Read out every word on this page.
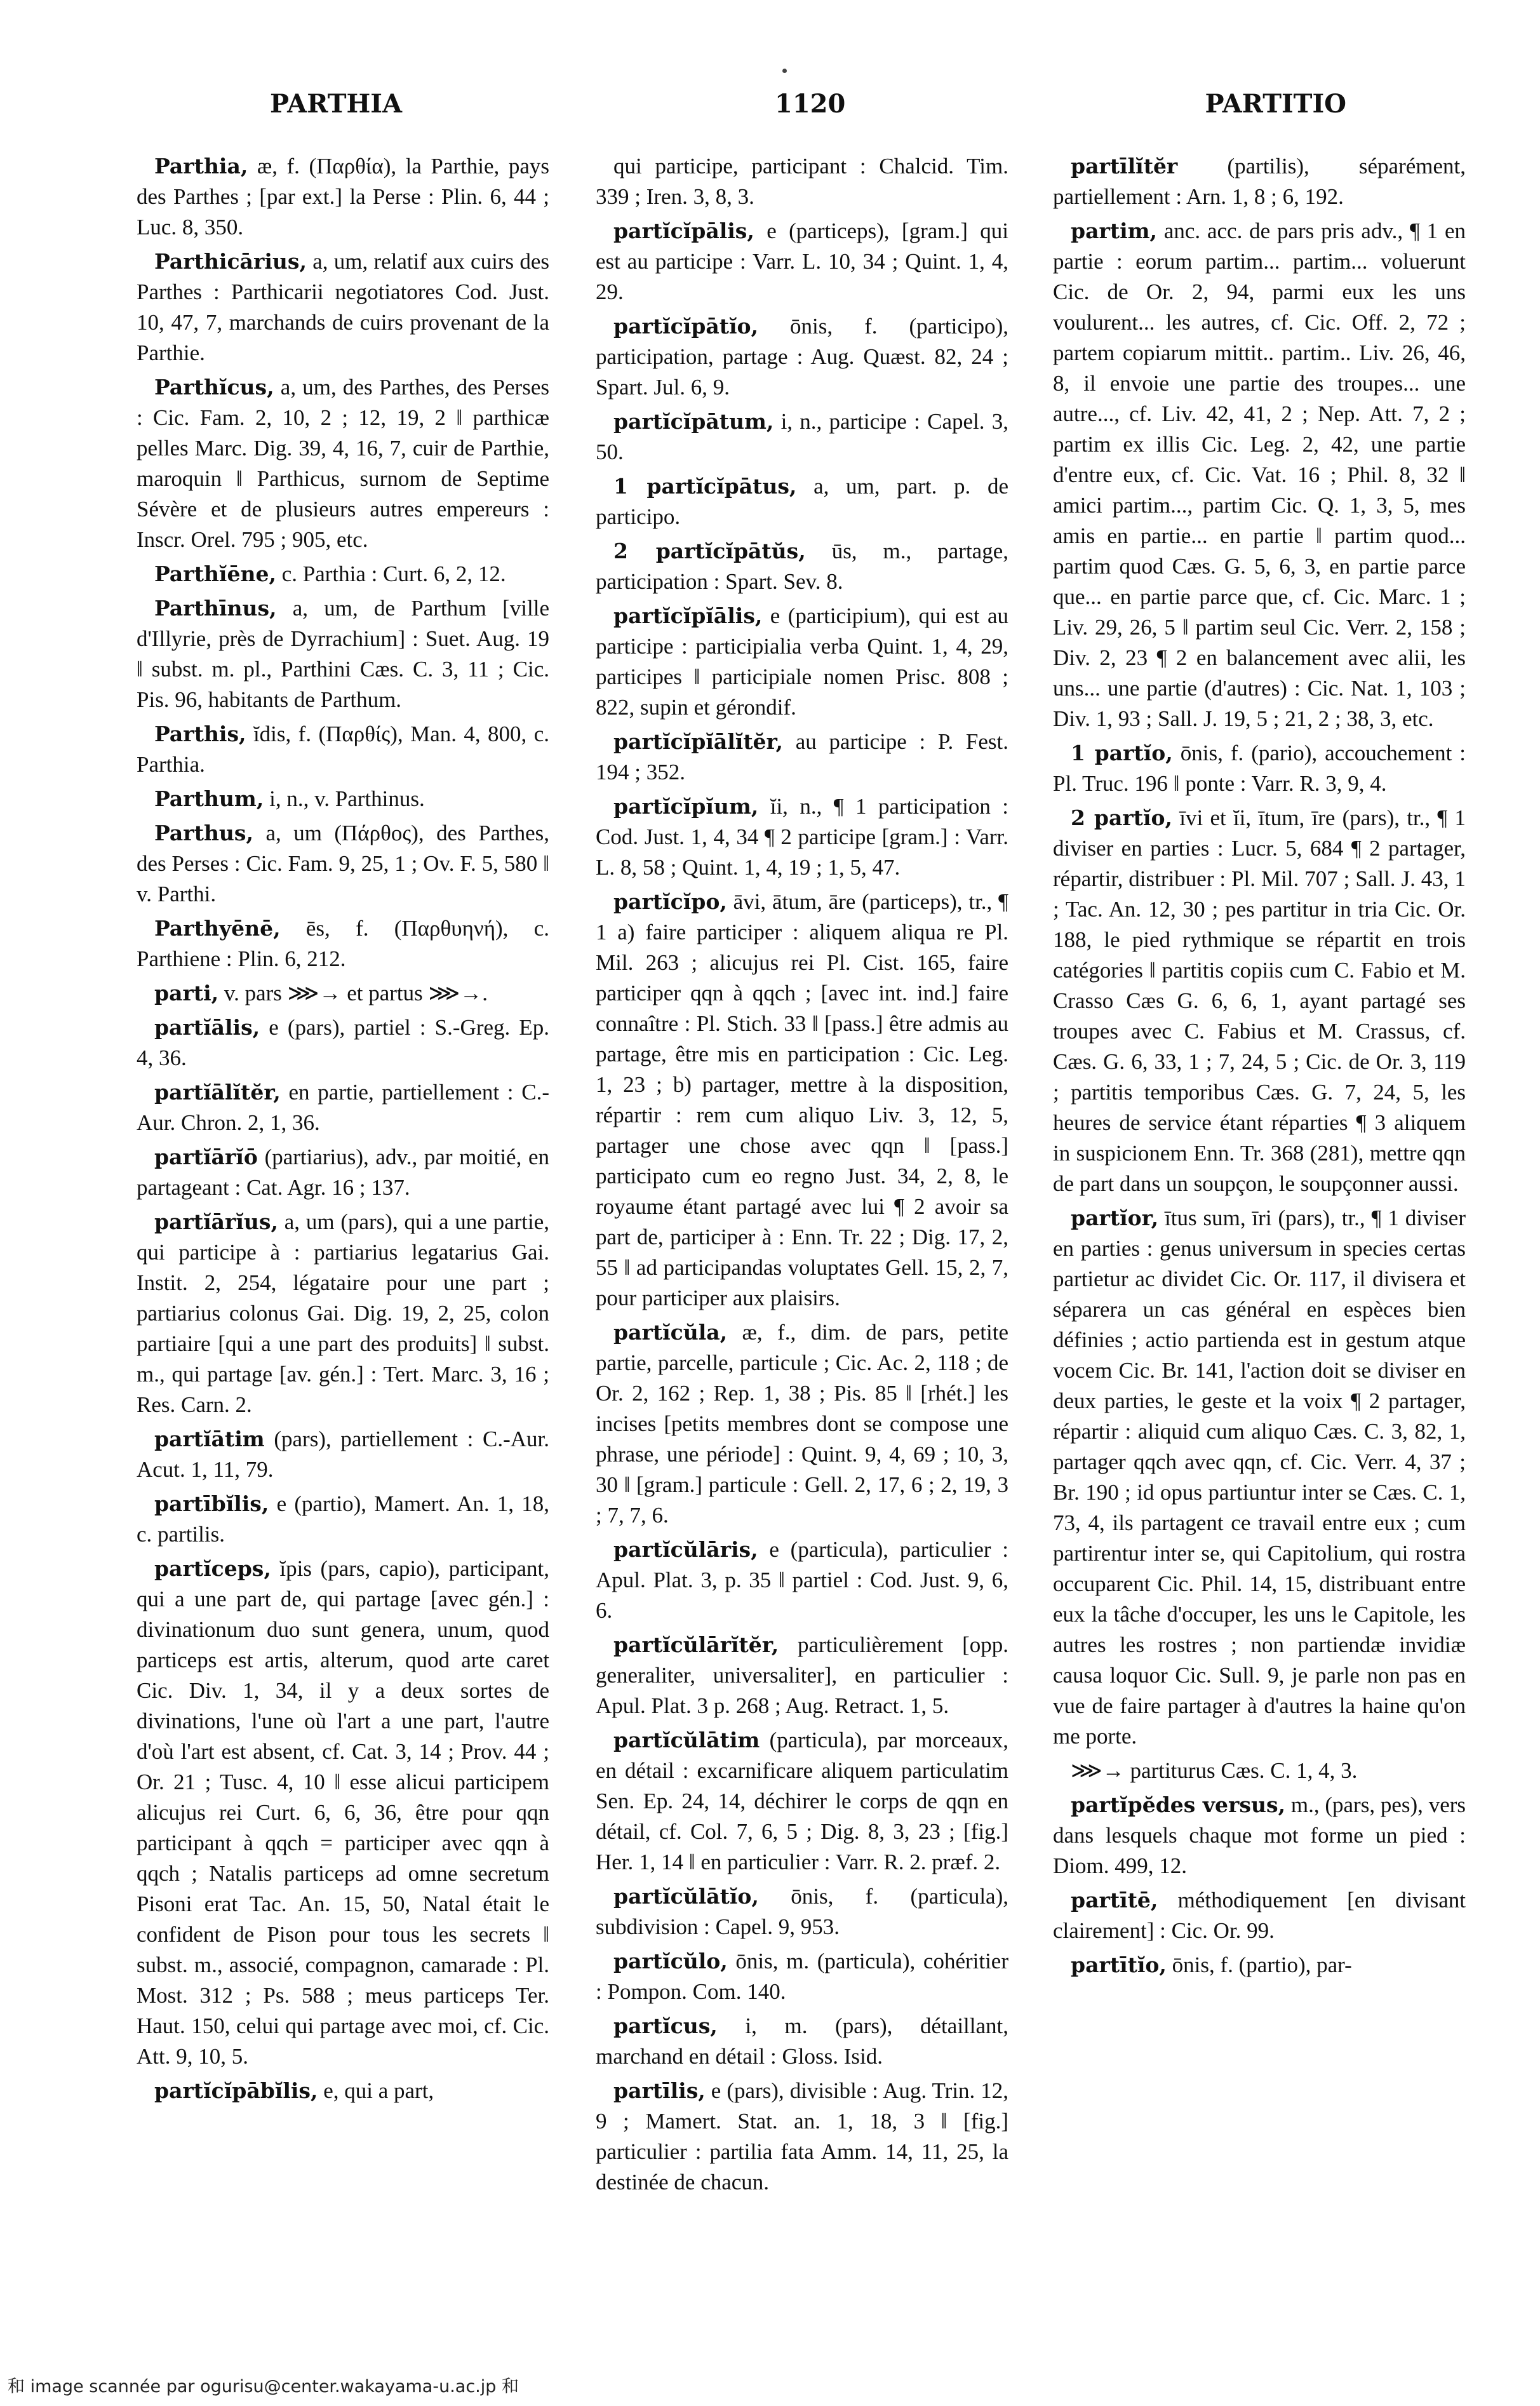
PARTHIA	1120	PARTITIO

Parthia, æ, f. (Παρθία), la Parthie, pays des Parthes ; [par ext.] la Perse : Plin. 6, 44 ; Luc. 8, 350.

Parthicārius, a, um, relatif aux cuirs des Parthes : Parthicarii negotiatores Cod. Just. 10, 47, 7, marchands de cuirs provenant de la Parthie.

Parthĭcus, a, um, des Parthes, des Perses : Cic. Fam. 2, 10, 2 ; 12, 19, 2 ‖ parthicæ pelles Marc. Dig. 39, 4, 16, 7, cuir de Parthie, maroquin ‖ Parthicus, surnom de Septime Sévère et de plusieurs autres empereurs : Inscr. Orel. 795 ; 905, etc.

Parthĭēne, c. Parthia : Curt. 6, 2, 12.

Parthīnus, a, um, de Parthum [ville d'Illyrie, près de Dyrrachium] : Suet. Aug. 19 ‖ subst. m. pl., Parthini Cæs. C. 3, 11 ; Cic. Pis. 96, habitants de Parthum.

Parthis, ĭdis, f. (Παρθίς), Man. 4, 800, c. Parthia.

Parthum, i, n., v. Parthinus.

Parthus, a, um (Πάρθος), des Parthes, des Perses : Cic. Fam. 9, 25, 1 ; Ov. F. 5, 580 ‖ v. Parthi.

Parthyēnē, ēs, f. (Παρθυηνή), c. Parthiene : Plin. 6, 212.

parti, v. pars ⋙→ et partus ⋙→.

partĭālis, e (pars), partiel : S.-Greg. Ep. 4, 36.

partĭālĭtĕr, en partie, partiellement : C.-Aur. Chron. 2, 1, 36.

partĭārĭō (partiarius), adv., par moitié, en partageant : Cat. Agr. 16 ; 137.

partĭārĭus, a, um (pars), qui a une partie, qui participe à : partiarius legatarius Gai. Instit. 2, 254, légataire pour une part ; partiarius colonus Gai. Dig. 19, 2, 25, colon partiaire [qui a une part des produits] ‖ subst. m., qui partage [av. gén.] : Tert. Marc. 3, 16 ; Res. Carn. 2.

partĭātim (pars), partiellement : C.-Aur. Acut. 1, 11, 79.

partībĭlis, e (partio), Mamert. An. 1, 18, c. partilis.

partĭceps, ĭpis (pars, capio), participant, qui a une part de, qui partage [avec gén.] : divinationum duo sunt genera, unum, quod particeps est artis, alterum, quod arte caret Cic. Div. 1, 34, il y a deux sortes de divinations, l'une où l'art a une part, l'autre d'où l'art est absent, cf. Cat. 3, 14 ; Prov. 44 ; Or. 21 ; Tusc. 4, 10 ‖ esse alicui participem alicujus rei Curt. 6, 6, 36, être pour qqn participant à qqch = participer avec qqn à qqch ; Natalis particeps ad omne secretum Pisoni erat Tac. An. 15, 50, Natal était le confident de Pison pour tous les secrets ‖ subst. m., associé, compagnon, camarade : Pl. Most. 312 ; Ps. 588 ; meus particeps Ter. Haut. 150, celui qui partage avec moi, cf. Cic. Att. 9, 10, 5.

partĭcĭpābĭlis, e, qui a part,

qui participe, participant : Chalcid. Tim. 339 ; Iren. 3, 8, 3.

partĭcĭpālis, e (particeps), [gram.] qui est au participe : Varr. L. 10, 34 ; Quint. 1, 4, 29.

partĭcĭpātĭo, ōnis, f. (participo), participation, partage : Aug. Quæst. 82, 24 ; Spart. Jul. 6, 9.

partĭcĭpātum, i, n., participe : Capel. 3, 50.

1 partĭcĭpātus, a, um, part. p. de participo.

2 partĭcĭpātŭs, ūs, m., partage, participation : Spart. Sev. 8.

partĭcĭpĭālis, e (participium), qui est au participe : participialia verba Quint. 1, 4, 29, participes ‖ participiale nomen Prisc. 808 ; 822, supin et gérondif.

partĭcĭpĭālĭtĕr, au participe : P. Fest. 194 ; 352.

partĭcĭpĭum, ĭi, n., ¶ 1 participation : Cod. Just. 1, 4, 34 ¶ 2 participe [gram.] : Varr. L. 8, 58 ; Quint. 1, 4, 19 ; 1, 5, 47.

partĭcĭpo, āvi, ātum, āre (particeps), tr., ¶ 1 a) faire participer : aliquem aliqua re Pl. Mil. 263 ; alicujus rei Pl. Cist. 165, faire participer qqn à qqch ; [avec int. ind.] faire connaître : Pl. Stich. 33 ‖ [pass.] être admis au partage, être mis en participation : Cic. Leg. 1, 23 ; b) partager, mettre à la disposition, répartir : rem cum aliquo Liv. 3, 12, 5, partager une chose avec qqn ‖ [pass.] participato cum eo regno Just. 34, 2, 8, le royaume étant partagé avec lui ¶ 2 avoir sa part de, participer à : Enn. Tr. 22 ; Dig. 17, 2, 55 ‖ ad participandas voluptates Gell. 15, 2, 7, pour participer aux plaisirs.

partĭcŭla, æ, f., dim. de pars, petite partie, parcelle, particule ; Cic. Ac. 2, 118 ; de Or. 2, 162 ; Rep. 1, 38 ; Pis. 85 ‖ [rhét.] les incises [petits membres dont se compose une phrase, une période] : Quint. 9, 4, 69 ; 10, 3, 30 ‖ [gram.] particule : Gell. 2, 17, 6 ; 2, 19, 3 ; 7, 7, 6.

partĭcŭlāris, e (particula), particulier : Apul. Plat. 3, p. 35 ‖ partiel : Cod. Just. 9, 6, 6.

partĭcŭlārĭtĕr, particulièrement [opp. generaliter, universaliter], en particulier : Apul. Plat. 3 p. 268 ; Aug. Retract. 1, 5.

partĭcŭlātim (particula), par morceaux, en détail : excarnificare aliquem particulatim Sen. Ep. 24, 14, déchirer le corps de qqn en détail, cf. Col. 7, 6, 5 ; Dig. 8, 3, 23 ; [fig.] Her. 1, 14 ‖ en particulier : Varr. R. 2. præf. 2.

partĭcŭlātĭo, ōnis, f. (particula), subdivision : Capel. 9, 953.

partĭcŭlo, ōnis, m. (particula), cohéritier : Pompon. Com. 140.

partĭcus, i, m. (pars), détaillant, marchand en détail : Gloss. Isid.

partīlis, e (pars), divisible : Aug. Trin. 12, 9 ; Mamert. Stat. an. 1, 18, 3 ‖ [fig.] particulier : partilia fata Amm. 14, 11, 25, la destinée de chacun.

partīlĭtĕr (partilis), séparément, partiellement : Arn. 1, 8 ; 6, 192.

partim, anc. acc. de pars pris adv., ¶ 1 en partie : eorum partim... partim... voluerunt Cic. de Or. 2, 94, parmi eux les uns voulurent... les autres, cf. Cic. Off. 2, 72 ; partem copiarum mittit.. partim.. Liv. 26, 46, 8, il envoie une partie des troupes... une autre..., cf. Liv. 42, 41, 2 ; Nep. Att. 7, 2 ; partim ex illis Cic. Leg. 2, 42, une partie d'entre eux, cf. Cic. Vat. 16 ; Phil. 8, 32 ‖ amici partim..., partim Cic. Q. 1, 3, 5, mes amis en partie... en partie ‖ partim quod... partim quod Cæs. G. 5, 6, 3, en partie parce que... en partie parce que, cf. Cic. Marc. 1 ; Liv. 29, 26, 5 ‖ partim seul Cic. Verr. 2, 158 ; Div. 2, 23 ¶ 2 en balancement avec alii, les uns... une partie (d'autres) : Cic. Nat. 1, 103 ; Div. 1, 93 ; Sall. J. 19, 5 ; 21, 2 ; 38, 3, etc.

1 partĭo, ōnis, f. (pario), accouchement : Pl. Truc. 196 ‖ ponte : Varr. R. 3, 9, 4.

2 partĭo, īvi et ĭi, ītum, īre (pars), tr., ¶ 1 diviser en parties : Lucr. 5, 684 ¶ 2 partager, répartir, distribuer : Pl. Mil. 707 ; Sall. J. 43, 1 ; Tac. An. 12, 30 ; pes partitur in tria Cic. Or. 188, le pied rythmique se répartit en trois catégories ‖ partitis copiis cum C. Fabio et M. Crasso Cæs G. 6, 6, 1, ayant partagé ses troupes avec C. Fabius et M. Crassus, cf. Cæs. G. 6, 33, 1 ; 7, 24, 5 ; Cic. de Or. 3, 119 ; partitis temporibus Cæs. G. 7, 24, 5, les heures de service étant réparties ¶ 3 aliquem in suspicionem Enn. Tr. 368 (281), mettre qqn de part dans un soupçon, le soupçonner aussi.

partĭor, ītus sum, īri (pars), tr., ¶ 1 diviser en parties : genus universum in species certas partietur ac dividet Cic. Or. 117, il divisera et séparera un cas général en espèces bien définies ; actio partienda est in gestum atque vocem Cic. Br. 141, l'action doit se diviser en deux parties, le geste et la voix ¶ 2 partager, répartir : aliquid cum aliquo Cæs. C. 3, 82, 1, partager qqch avec qqn, cf. Cic. Verr. 4, 37 ; Br. 190 ; id opus partiuntur inter se Cæs. C. 1, 73, 4, ils partagent ce travail entre eux ; cum partirentur inter se, qui Capitolium, qui rostra occuparent Cic. Phil. 14, 15, distribuant entre eux la tâche d'occuper, les uns le Capitole, les autres les rostres ; non partiendæ invidiæ causa loquor Cic. Sull. 9, je parle non pas en vue de faire partager à d'autres la haine qu'on me porte.

⋙→ partiturus Cæs. C. 1, 4, 3.

partĭpĕdes versus, m., (pars, pes), vers dans lesquels chaque mot forme un pied : Diom. 499, 12.

partītē, méthodiquement [en divisant clairement] : Cic. Or. 99.

partītĭo, ōnis, f. (partio), par-

和 image scannée par ogurisu@center.wakayama-u.ac.jp 和
